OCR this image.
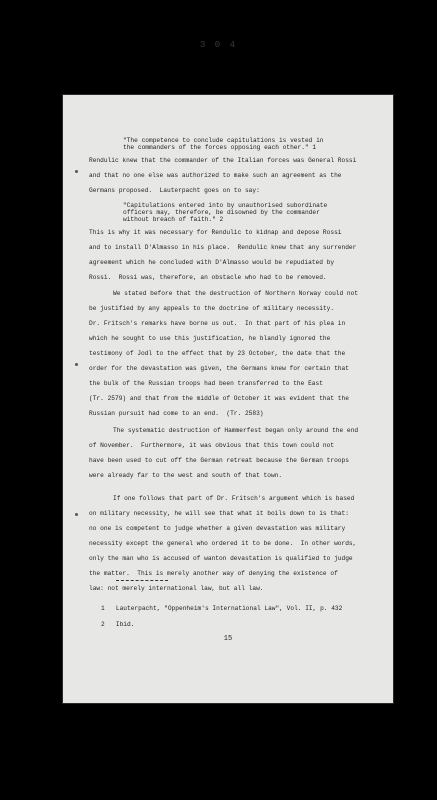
3 0 4
"The competence to conclude capitulations is vested in
the commanders of the forces opposing each other." 1
Rendulic knew that the commander of the Italian forces was General Rossi
and that no one else was authorized to make such an agreement as the
Germans proposed.  Lauterpacht goes on to say:
"Capitulations entered into by unauthorised subordinate
officers may, therefore, be disowned by the commander
without breach of faith." 2
This is why it was necessary for Rendulic to kidnap and depose Rossi
and to install D'Almasso in his place.  Rendulic knew that any surrender
agreement which he concluded with D'Almasso would be repudiated by
Rossi.  Rossi was, therefore, an obstacle who had to be removed.
We stated before that the destruction of Northern Norway could not
be justified by any appeals to the doctrine of military necessity.
Dr. Fritsch's remarks have borne us out.  In that part of his plea in
which he sought to use this justification, he blandly ignored the
testimony of Jodl to the effect that by 23 October, the date that the
order for the devastation was given, the Germans knew for certain that
the bulk of the Russian troops had been transferred to the East
(Tr. 2579) and that from the middle of October it was evident that the
Russian pursuit had come to an end.  (Tr. 2583)
The systematic destruction of Hammerfest began only around the end
of November.  Furthermore, it was obvious that this town could not
have been used to cut off the German retreat because the German troops
were already far to the west and south of that town.
If one follows that part of Dr. Fritsch's argument which is based
on military necessity, he will see that what it boils down to is that:
no one is competent to judge whether a given devastation was military
necessity except the general who ordered it to be done.  In other words,
only the man who is accused of wanton devastation is qualified to judge
the matter.  This is merely another way of denying the existence of
law: not merely international law, but all law.
1   Lauterpacht, "Oppenheim's International Law", Vol. II, p. 432
2   Ibid.
15
